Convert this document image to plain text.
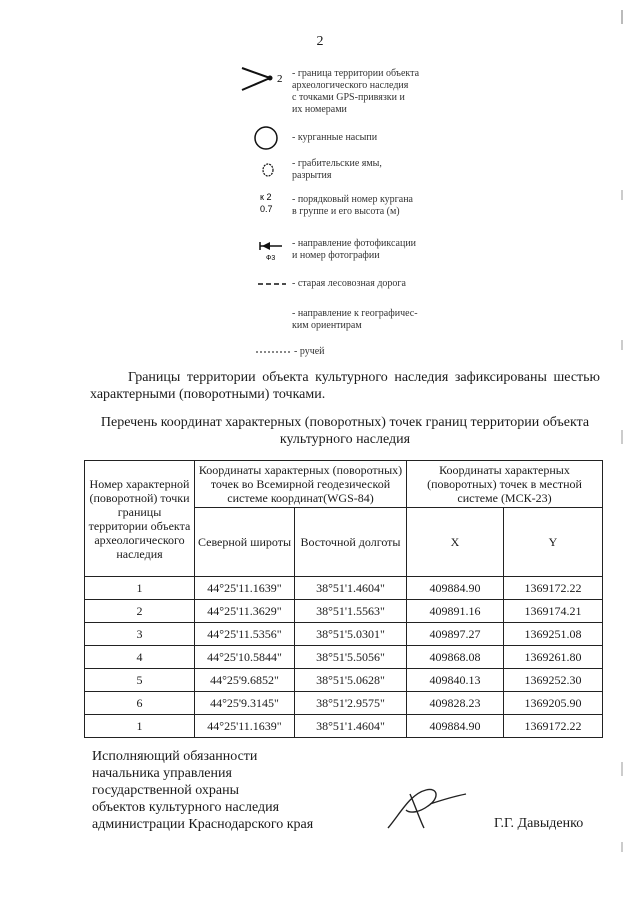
2
2 - граница территории объекта
археологического наследия
с точками GPS-привязки и
их номерами
- курганные насыпи
- грабительские ямы,
разрытия
к 2
0.7
- порядковый номер кургана
в группе и его высота (м)
Ф3
- направление фотофиксации
и номер фотографии
- старая лесовозная дорога
- направление к географичес-
ким ориентирам
- ручей
Границы территории объекта культурного наследия зафиксированы шестью характерными (поворотными) точками.
Перечень координат характерных (поворотных) точек границ территории объекта культурного наследия
Номер характерной (поворотной) точки границы территории объекта археологического наследия	Координаты характерных (поворотных) точек во Всемирной геодезической системе координат(WGS-84)		Координаты характерных (поворотных) точек в местной системе (МСК-23)	
	Северной широты	Восточной долготы	X	Y
1	44°25'11.1639"	38°51'1.4604"	409884.90	1369172.22
2	44°25'11.3629"	38°51'1.5563"	409891.16	1369174.21
3	44°25'11.5356"	38°51'5.0301"	409897.27	1369251.08
4	44°25'10.5844"	38°51'5.5056"	409868.08	1369261.80
5	44°25'9.6852"	38°51'5.0628"	409840.13	1369252.30
6	44°25'9.3145"	38°51'2.9575"	409828.23	1369205.90
1	44°25'11.1639"	38°51'1.4604"	409884.90	1369172.22
Исполняющий обязанности
начальника управления
государственной охраны
объектов культурного наследия
администрации Краснодарского края	Г.Г. Давыденко
